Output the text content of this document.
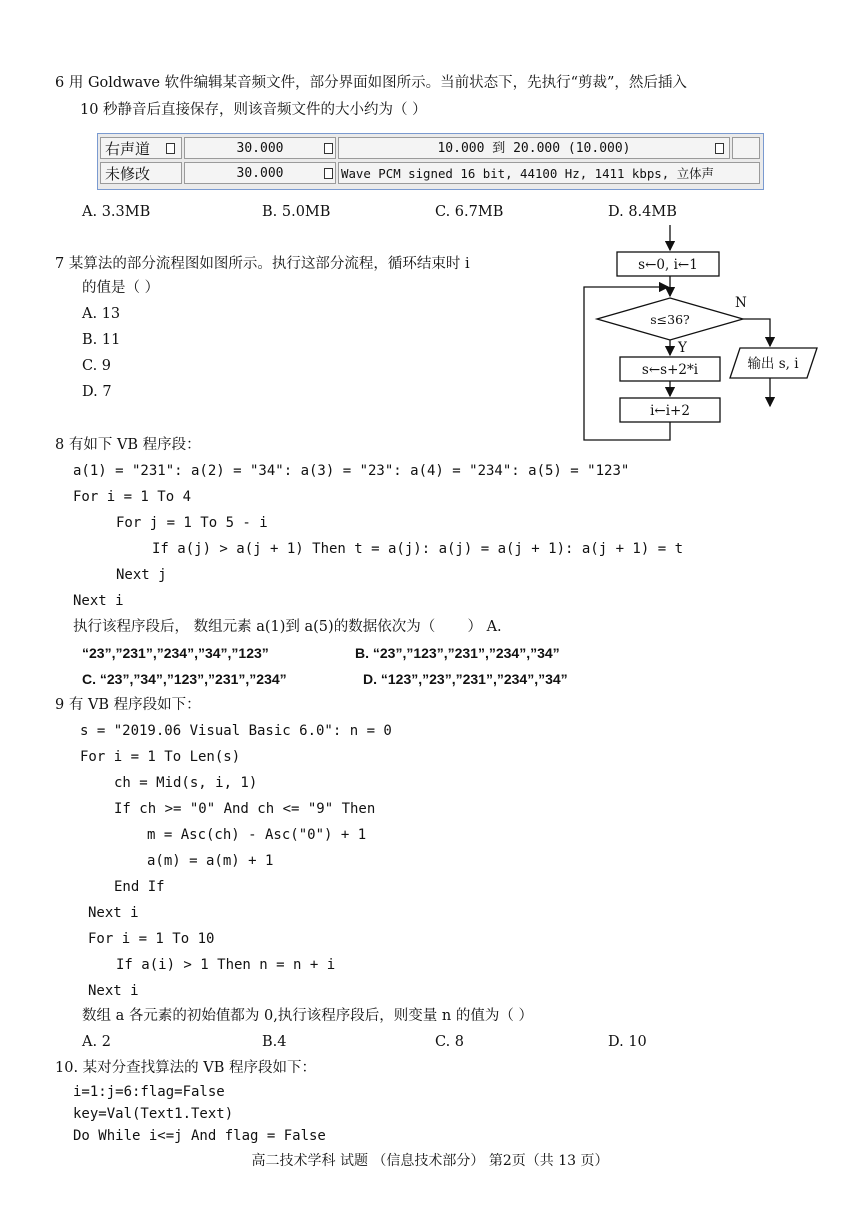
6 用 Goldwave 软件编辑某音频文件，部分界面如图所示。当前状态下，先执行“剪裁”，然后插入
10 秒静音后直接保存，则该音频文件的大小约为（ ）
右声道	30.000	10.000 到 20.000 (10.000)
未修改	30.000	Wave PCM signed 16 bit, 44100 Hz, 1411 kbps, 立体声
A. 3.3MB	B. 5.0MB	C. 6.7MB	D. 8.4MB
7 某算法的部分流程图如图所示。执行这部分流程，循环结束时 i
的值是（ ）
A. 13
B. 11
C. 9
D. 7
s←0, i←1
s≤36?
N
Y
s←s+2*i
i←i+2
输出 s, i
8 有如下 VB 程序段：
a(1) = "231": a(2) = "34": a(3) = "23": a(4) = "234": a(5) = "123"
For i = 1 To 4
For j = 1 To 5 - i
If a(j) > a(j + 1) Then t = a(j): a(j) = a(j + 1): a(j + 1) = t
Next j
Next i
执行该程序段后， 数组元素 a(1)到 a(5)的数据依次为（       ） A.
“23”,”231”,”234”,”34”,”123”	B. “23”,”123”,”231”,”234”,”34”
C. “23”,”34”,”123”,”231”,”234”	D. “123”,”23”,”231”,”234”,”34”
9 有 VB 程序段如下：
s = "2019.06 Visual Basic 6.0": n = 0
For i = 1 To Len(s)
ch = Mid(s, i, 1)
If ch >= "0" And ch <= "9" Then
m = Asc(ch) - Asc("0") + 1
a(m) = a(m) + 1
End If
Next i
For i = 1 To 10
If a(i) > 1 Then n = n + i
Next i
数组 a 各元素的初始值都为 0,执行该程序段后，则变量 n 的值为（ ）
A. 2	B.4	C. 8	D. 10
10. 某对分查找算法的 VB 程序段如下：
i=1:j=6:flag=False
key=Val(Text1.Text)
Do While i<=j And flag = False
高二技术学科 试题 （信息技术部分） 第2页（共 13 页）
